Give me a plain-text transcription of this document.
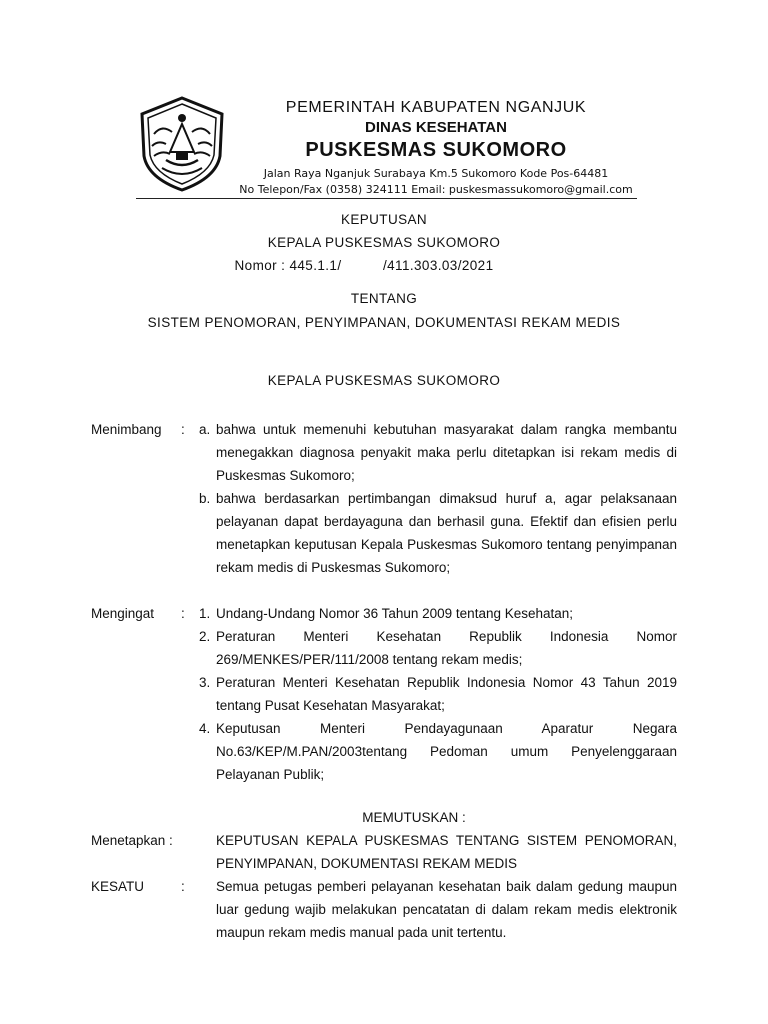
PEMERINTAH KABUPATEN NGANJUK
DINAS KESEHATAN
PUSKESMAS SUKOMORO
Jalan Raya Nganjuk Surabaya Km.5 Sukomoro Kode Pos-64481
No Telepon/Fax (0358) 324111 Email: puskesmassukomoro@gmail.com
KEPUTUSAN
KEPALA PUSKESMAS SUKOMORO
Nomor : 445.1.1/          /411.303.03/2021
TENTANG
SISTEM PENOMORAN, PENYIMPANAN, DOKUMENTASI REKAM MEDIS
KEPALA PUSKESMAS SUKOMORO
Menimbang : a. bahwa untuk memenuhi kebutuhan masyarakat dalam rangka membantu menegakkan diagnosa penyakit maka perlu ditetapkan isi rekam medis di Puskesmas Sukomoro;
b. bahwa berdasarkan pertimbangan dimaksud huruf a, agar pelaksanaan pelayanan dapat berdayaguna dan berhasil guna. Efektif dan efisien perlu menetapkan keputusan Kepala Puskesmas Sukomoro tentang penyimpanan rekam medis di Puskesmas Sukomoro;
Mengingat : 1. Undang-Undang Nomor 36 Tahun 2009 tentang Kesehatan;
2. Peraturan Menteri Kesehatan Republik Indonesia Nomor 269/MENKES/PER/111/2008 tentang rekam medis;
3. Peraturan Menteri Kesehatan Republik Indonesia Nomor 43 Tahun 2019 tentang Pusat Kesehatan Masyarakat;
4. Keputusan Menteri Pendayagunaan Aparatur Negara No.63/KEP/M.PAN/2003tentang Pedoman umum Penyelenggaraan Pelayanan Publik;
MEMUTUSKAN :
Menetapkan :	KEPUTUSAN KEPALA PUSKESMAS TENTANG SISTEM PENOMORAN, PENYIMPANAN, DOKUMENTASI REKAM MEDIS
KESATU	: Semua petugas pemberi pelayanan kesehatan baik dalam gedung maupun luar gedung wajib melakukan pencatatan di dalam rekam medis elektronik maupun rekam medis manual pada unit tertentu.
